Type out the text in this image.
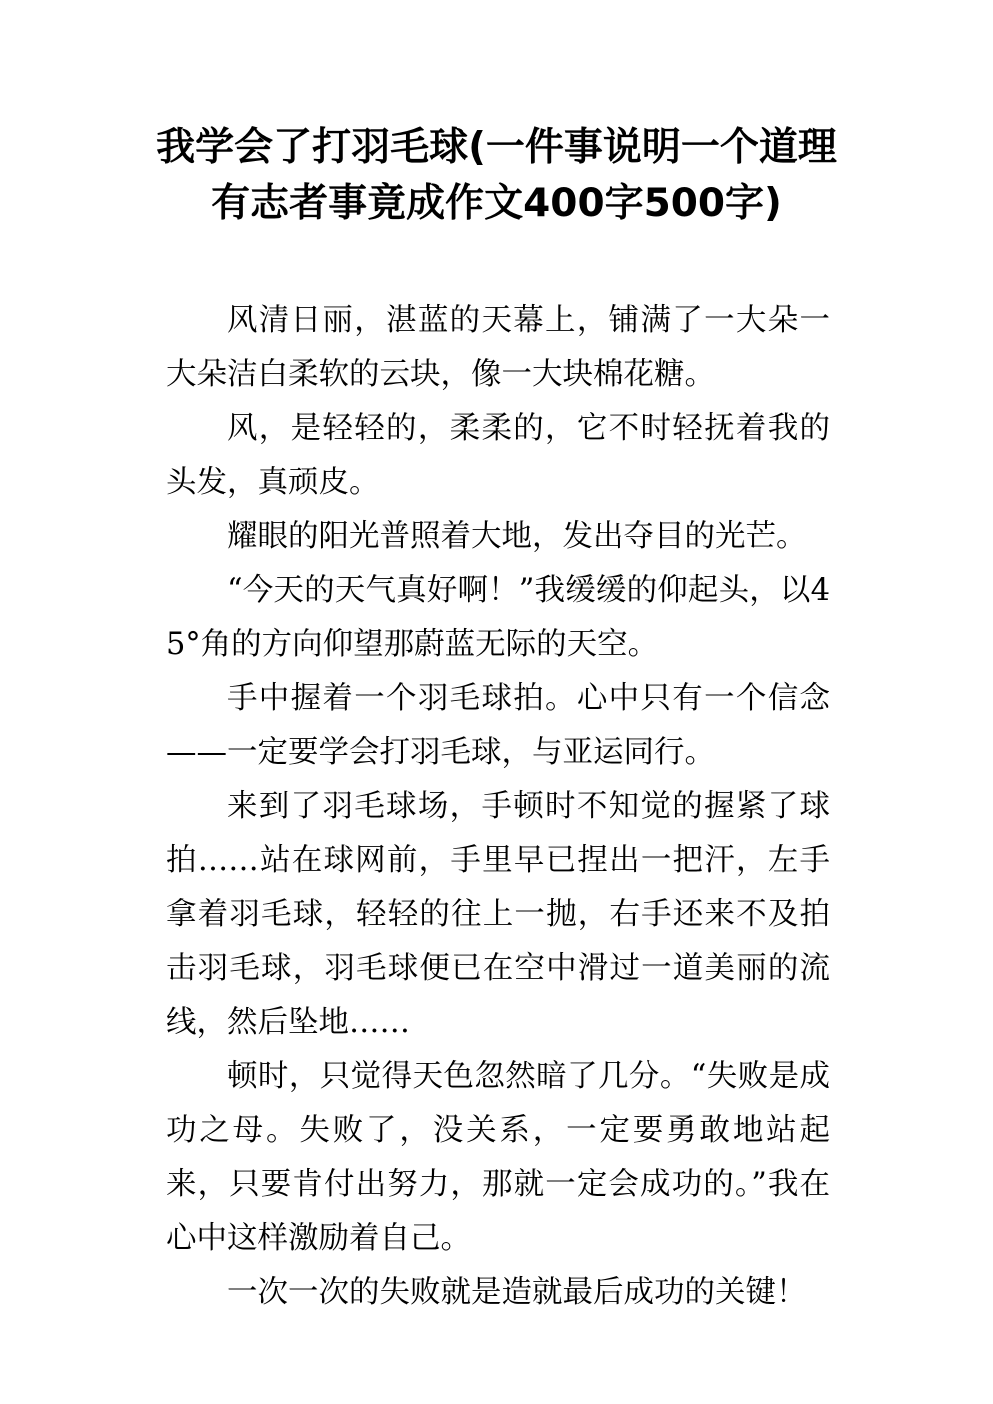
我学会了打羽毛球(一件事说明一个道理有志者事竟成作文400字500字)

风清日丽，湛蓝的天幕上，铺满了一大朵一大朵洁白柔软的云块，像一大块棉花糖。

风，是轻轻的，柔柔的，它不时轻抚着我的头发，真顽皮。

耀眼的阳光普照着大地，发出夺目的光芒。

“今天的天气真好啊！”我缓缓的仰起头，以45°角的方向仰望那蔚蓝无际的天空。

手中握着一个羽毛球拍。心中只有一个信念——一定要学会打羽毛球，与亚运同行。

来到了羽毛球场，手顿时不知觉的握紧了球拍……站在球网前，手里早已捏出一把汗，左手拿着羽毛球，轻轻的往上一抛，右手还来不及拍击羽毛球，羽毛球便已在空中滑过一道美丽的流线，然后坠地……

顿时，只觉得天色忽然暗了几分。“失败是成功之母。失败了，没关系，一定要勇敢地站起来，只要肯付出努力，那就一定会成功的。”我在心中这样激励着自己。

一次一次的失败就是造就最后成功的关键！
